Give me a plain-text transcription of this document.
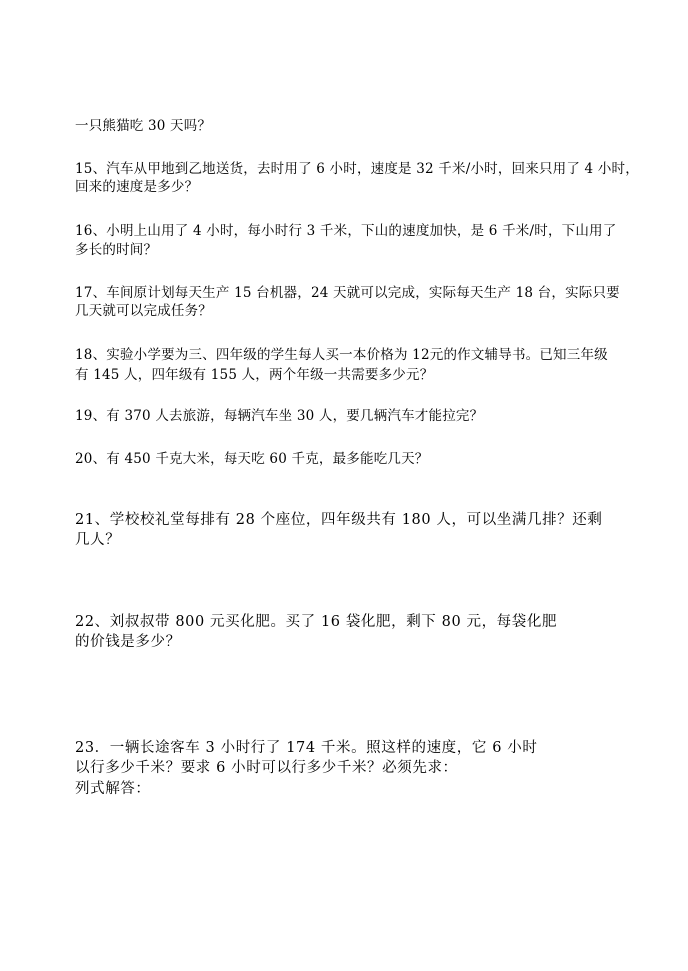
一只熊猫吃 30 天吗？
15、汽车从甲地到乙地送货，去时用了 6 小时，速度是 32 千米/小时，回来只用了 4 小时，
回来的速度是多少？
16、小明上山用了 4 小时，每小时行 3 千米，下山的速度加快，是 6 千米/时，下山用了
多长的时间？
17、车间原计划每天生产 15 台机器，24 天就可以完成，实际每天生产 18 台，实际只要
几天就可以完成任务？
18、实验小学要为三、四年级的学生每人买一本价格为 12元的作文辅导书。已知三年级
有 145 人，四年级有 155 人，两个年级一共需要多少元？
19、有 370 人去旅游，每辆汽车坐 30 人，要几辆汽车才能拉完？
20、有 450 千克大米，每天吃 60 千克，最多能吃几天？
21、学校校礼堂每排有 28 个座位，四年级共有 180 人，可以坐满几排？还剩
几人？
22、刘叔叔带 800 元买化肥。买了 16 袋化肥，剩下 80 元，每袋化肥
的价钱是多少？
23．一辆长途客车 3 小时行了 174 千米。照这样的速度，它 6 小时
以行多少千米？要求 6 小时可以行多少千米？必须先求：
列式解答：
